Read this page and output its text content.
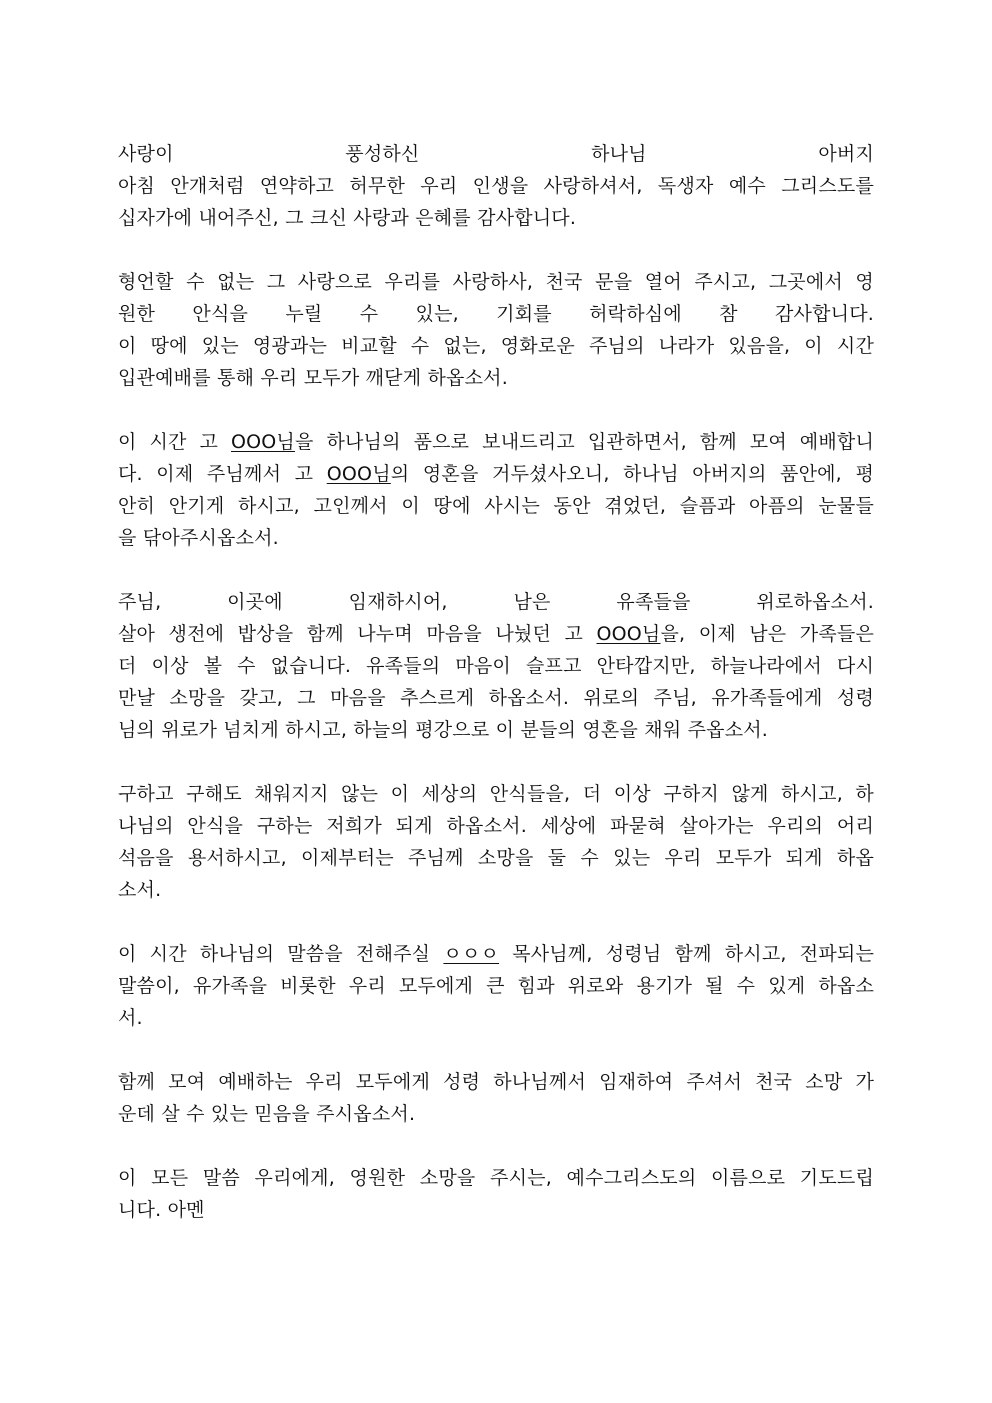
사랑이 풍성하신 하나님 아버지
아침 안개처럼 연약하고 허무한 우리 인생을 사랑하셔서, 독생자 예수 그리스도를
십자가에 내어주신, 그 크신 사랑과 은혜를 감사합니다.
형언할 수 없는 그 사랑으로 우리를 사랑하사, 천국 문을 열어 주시고, 그곳에서 영
원한 안식을 누릴 수 있는, 기회를 허락하심에 참 감사합니다.
이 땅에 있는 영광과는 비교할 수 없는, 영화로운 주님의 나라가 있음을, 이 시간
입관예배를 통해 우리 모두가 깨닫게 하옵소서.
이 시간 고 OOO님을 하나님의 품으로 보내드리고 입관하면서, 함께 모여 예배합니
다. 이제 주님께서 고 OOO님의 영혼을 거두셨사오니, 하나님 아버지의 품안에, 평
안히 안기게 하시고, 고인께서 이 땅에 사시는 동안 겪었던, 슬픔과 아픔의 눈물들
을 닦아주시옵소서.
주님, 이곳에 임재하시어, 남은 유족들을 위로하옵소서.
살아 생전에 밥상을 함께 나누며 마음을 나눴던 고 OOO님을, 이제 남은 가족들은
더 이상 볼 수 없습니다. 유족들의 마음이 슬프고 안타깝지만, 하늘나라에서 다시
만날 소망을 갖고, 그 마음을 추스르게 하옵소서. 위로의 주님, 유가족들에게 성령
님의 위로가 넘치게 하시고, 하늘의 평강으로 이 분들의 영혼을 채워 주옵소서.
구하고 구해도 채워지지 않는 이 세상의 안식들을, 더 이상 구하지 않게 하시고, 하
나님의 안식을 구하는 저희가 되게 하옵소서. 세상에 파묻혀 살아가는 우리의 어리
석음을 용서하시고, 이제부터는 주님께 소망을 둘 수 있는 우리 모두가 되게 하옵
소서.
이 시간 하나님의 말씀을 전해주실 ㅇㅇㅇ 목사님께, 성령님 함께 하시고, 전파되는
말씀이, 유가족을 비롯한 우리 모두에게 큰 힘과 위로와 용기가 될 수 있게 하옵소
서.
함께 모여 예배하는 우리 모두에게 성령 하나님께서 임재하여 주셔서 천국 소망 가
운데 살 수 있는 믿음을 주시옵소서.
이 모든 말씀 우리에게, 영원한 소망을 주시는, 예수그리스도의 이름으로 기도드립
니다. 아멘
